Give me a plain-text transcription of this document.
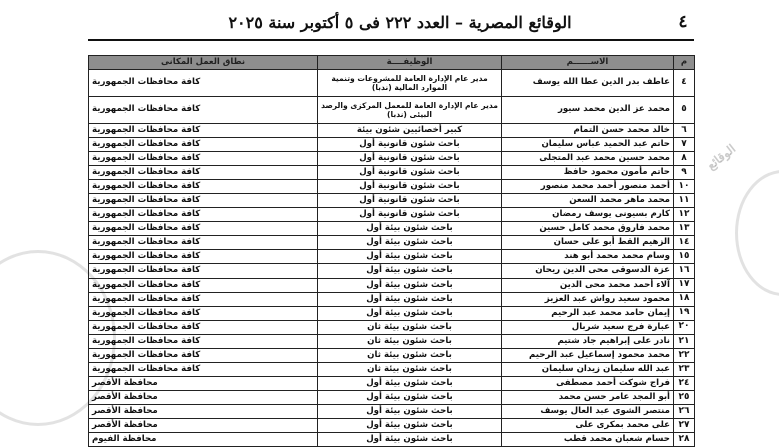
٤
الوقائع المصرية – العدد ٢٢٢ فى ٥ أكتوبر سنة ٢٠٢٥
الوقائع
م	الاســــــم	الوظيفــــة	نطاق العمل المكانى
٤	عاطف بدر الدين عطا الله يوسف	مدير عام الإدارة العامة للمشروعات وتنمية الموارد المالية (ندبا)	كافة محافظات الجمهورية
٥	محمد عز الدين محمد سيور	مدير عام الإدارة العامة للمعمل المركزى والرصد البيئى (ندبا)	كافة محافظات الجمهورية
٦	خالد محمد حسن التمام	كبير أخصائيين شئون بيئة	كافة محافظات الجمهورية
٧	حاتم عبد الحميد عباس سليمان	باحث شئون قانونية أول	كافة محافظات الجمهورية
٨	محمد حسين محمد عبد المتجلى	باحث شئون قانونية أول	كافة محافظات الجمهورية
٩	حاتم مأمون محمود حافظ	باحث شئون قانونية أول	كافة محافظات الجمهورية
١٠	أحمد منصور أحمد محمد منصور	باحث شئون قانونية أول	كافة محافظات الجمهورية
١١	محمد ماهر محمد السعن	باحث شئون قانونية أول	كافة محافظات الجمهورية
١٢	كارم بسيونى يوسف رمضان	باحث شئون قانونية أول	كافة محافظات الجمهورية
١٣	محمد فاروق محمد كامل حسين	باحث شئون بيئة أول	كافة محافظات الجمهورية
١٤	الزهيم القط أبو على حسان	باحث شئون بيئة أول	كافة محافظات الجمهورية
١٥	وسام محمد محمد أبو هند	باحث شئون بيئة أول	كافة محافظات الجمهورية
١٦	عزة الدسوقى محى الدين ريحان	باحث شئون بيئة أول	كافة محافظات الجمهورية
١٧	آلاء أحمد محمد محى الدين	باحث شئون بيئة أول	كافة محافظات الجمهورية
١٨	محمود سعيد رواش عبد العزيز	باحث شئون بيئة أول	كافة محافظات الجمهورية
١٩	إيمان حامد محمد عبد الرحيم	باحث شئون بيئة أول	كافة محافظات الجمهورية
٢٠	عبارة فرج سعيد شربال	باحث شئون بيئة ثان	كافة محافظات الجمهورية
٢١	نادر على إبراهيم جاد شتيم	باحث شئون بيئة ثان	كافة محافظات الجمهورية
٢٢	محمد محمود إسماعيل عبد الرحيم	باحث شئون بيئة ثان	كافة محافظات الجمهورية
٢٣	عبد الله سليمان زيدان سليمان	باحث شئون بيئة ثان	كافة محافظات الجمهورية
٢٤	فراج شوكت أحمد مصطفى	باحث شئون بيئة أول	محافظة الأقصر
٢٥	أبو المجد عامر حسن محمد	باحث شئون بيئة أول	محافظة الأقصر
٢٦	منتصر الشوى عبد العال يوسف	باحث شئون بيئة أول	محافظة الأقصر
٢٧	على محمد بمكرى على	باحث شئون بيئة أول	محافظة الأقصر
٢٨	حسام شعبان محمد قطب	باحث شئون بيئة أول	محافظة الفيوم
